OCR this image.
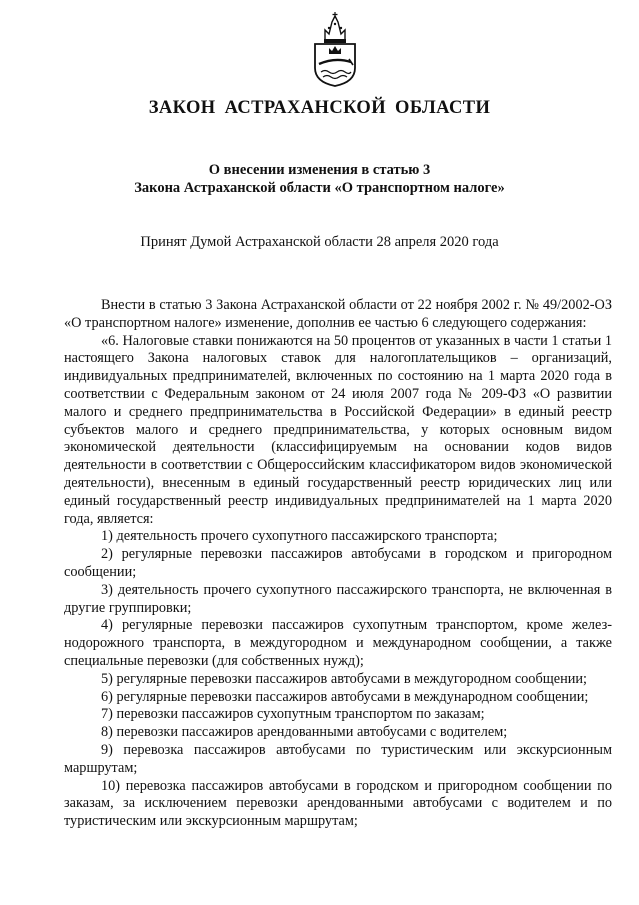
ЗАКОН АСТРАХАНСКОЙ ОБЛАСТИ
О внесении изменения в статью 3
Закона Астраханской области «О транспортном налоге»
Принят Думой Астраханской области 28 апреля 2020 года

Внести в статью 3 Закона Астраханской области от 22 ноября 2002 г. № 49/2002-ОЗ «О транспортном налоге» изменение, дополнив ее частью 6 следующего содержания:

«6. Налоговые ставки понижаются на 50 процентов от указанных в части 1 статьи 1 настоящего Закона налоговых ставок для налогоплательщиков – организаций, индивидуальных предпринимателей, включенных по состоянию на 1 марта 2020 года в соответствии с Федеральным законом от 24 июля 2007 года № 209-ФЗ «О развитии малого и среднего предпринимательства в Российской Федерации» в единый реестр субъектов малого и среднего предпринимательства, у которых основным видом экономической деятельности (классифицируемым на основании кодов видов деятельности в соответствии с Общероссийским классификатором видов экономической деятельности), внесенным в единый государственный реестр юридических лиц или единый государственный реестр индивидуальных предпринимателей на 1 марта 2020 года, является:

1) деятельность прочего сухопутного пассажирского транспорта;

2) регулярные перевозки пассажиров автобусами в городском и пригородном сообщении;

3) деятельность прочего сухопутного пассажирского транспорта, не включенная в другие группировки;

4) регулярные перевозки пассажиров сухопутным транспортом, кроме железнодорожного транспорта, в междугородном и международном сообщении, а также специальные перевозки (для собственных нужд);

5) регулярные перевозки пассажиров автобусами в междугородном сообщении;

6) регулярные перевозки пассажиров автобусами в международном сообщении;

7) перевозки пассажиров сухопутным транспортом по заказам;

8) перевозки пассажиров арендованными автобусами с водителем;

9) перевозка пассажиров автобусами по туристическим или экскурсионным маршрутам;

10) перевозка пассажиров автобусами в городском и пригородном сообщении по заказам, за исключением перевозки арендованными автобусами с водителем и по туристическим или экскурсионным маршрутам;
